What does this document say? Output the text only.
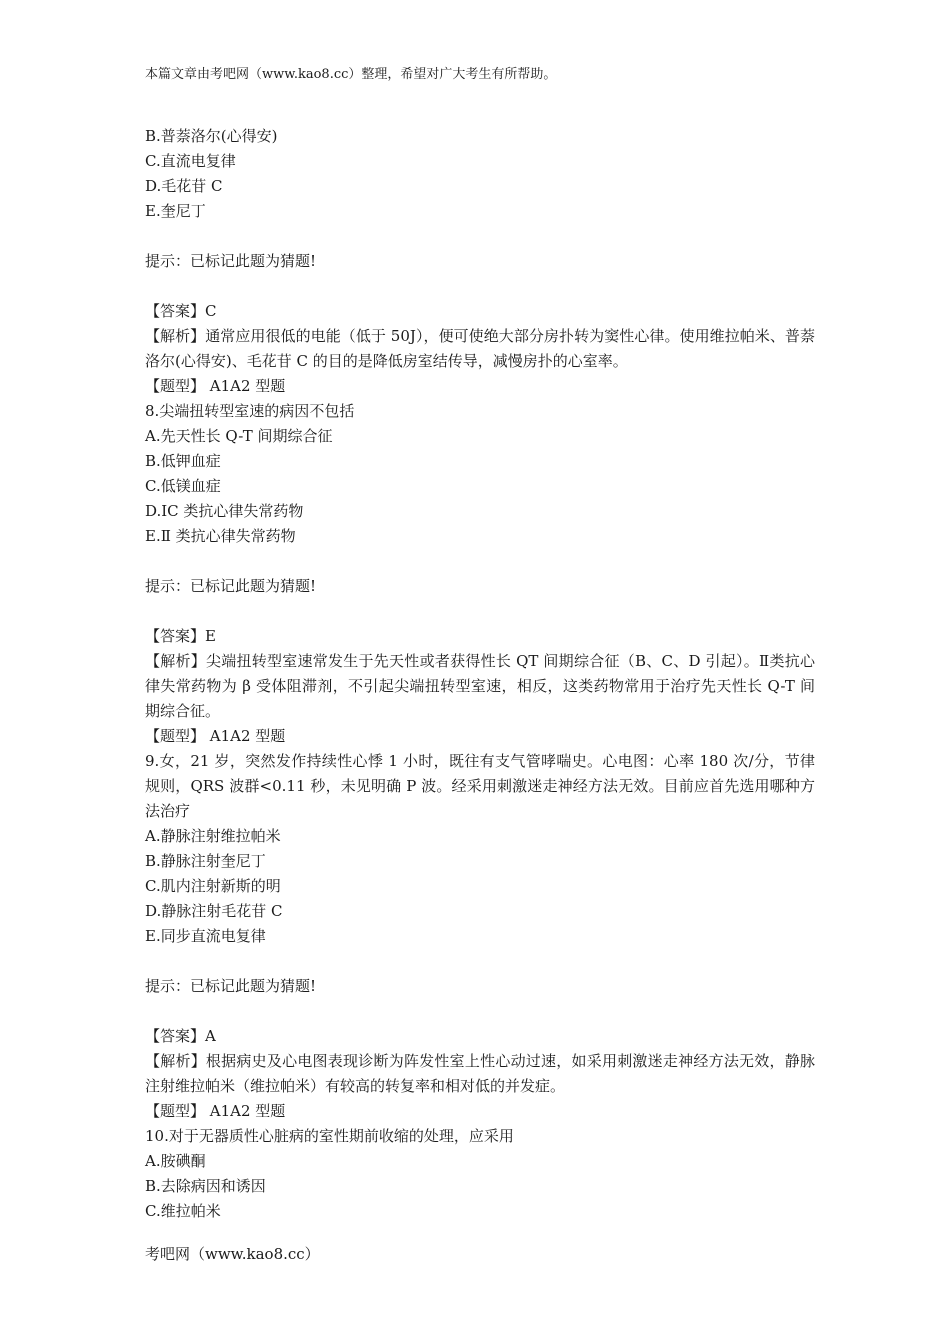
本篇文章由考吧网（www.kao8.cc）整理，希望对广大考生有所帮助。

B.普萘洛尔(心得安)

C.直流电复律

D.毛花苷 C

E.奎尼丁

提示：已标记此题为猜题!

【答案】C

【解析】通常应用很低的电能（低于 50J），便可使绝大部分房扑转为窦性心律。使用维拉帕米、普萘洛尔(心得安)、毛花苷 C 的目的是降低房室结传导，减慢房扑的心室率。

【题型】 A1A2 型题

8.尖端扭转型室速的病因不包括

A.先天性长 Q-T 间期综合征

B.低钾血症

C.低镁血症

D.IC 类抗心律失常药物

E.Ⅱ 类抗心律失常药物

提示：已标记此题为猜题!

【答案】E

【解析】尖端扭转型室速常发生于先天性或者获得性长 QT 间期综合征（B、C、D 引起）。Ⅱ类抗心律失常药物为 β 受体阻滞剂，不引起尖端扭转型室速，相反，这类药物常用于治疗先天性长 Q-T 间期综合征。

【题型】 A1A2 型题

9.女，21 岁，突然发作持续性心悸 1 小时，既往有支气管哮喘史。心电图：心率 180 次/分，节律规则，QRS 波群<0.11 秒，未见明确 P 波。经采用刺激迷走神经方法无效。目前应首先选用哪种方法治疗

A.静脉注射维拉帕米

B.静脉注射奎尼丁

C.肌内注射新斯的明

D.静脉注射毛花苷 C

E.同步直流电复律

提示：已标记此题为猜题!

【答案】A

【解析】根据病史及心电图表现诊断为阵发性室上性心动过速，如采用刺激迷走神经方法无效，静脉注射维拉帕米（维拉帕米）有较高的转复率和相对低的并发症。

【题型】 A1A2 型题

10.对于无器质性心脏病的室性期前收缩的处理，应采用

A.胺碘酮

B.去除病因和诱因

C.维拉帕米

考吧网（www.kao8.cc）
